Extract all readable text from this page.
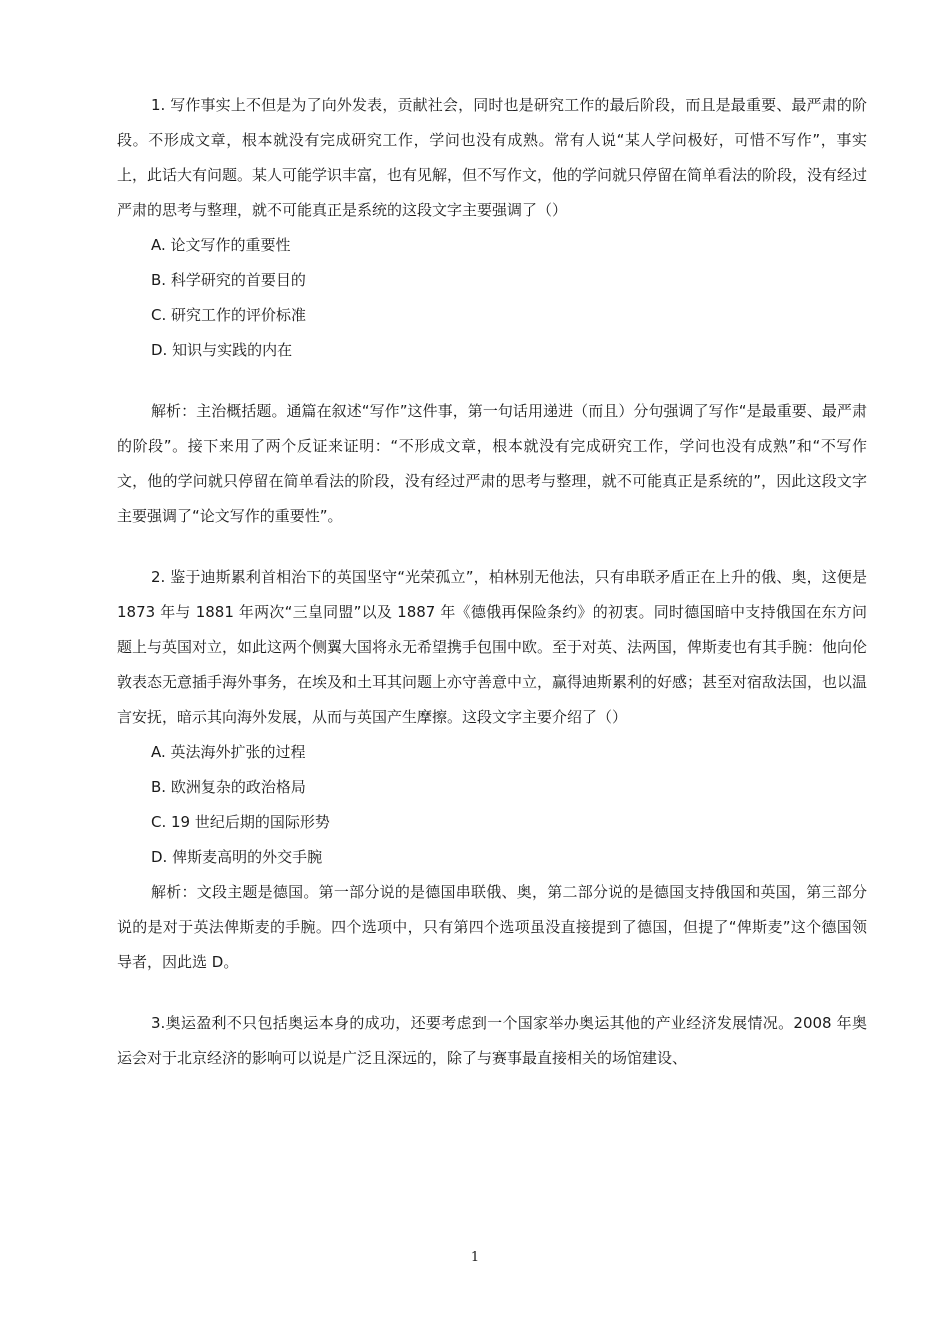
1. 写作事实上不但是为了向外发表，贡献社会，同时也是研究工作的最后阶段，而且是最重要、最严肃的阶段。不形成文章，根本就没有完成研究工作，学问也没有成熟。常有人说“某人学问极好，可惜不写作”，事实上，此话大有问题。某人可能学识丰富，也有见解，但不写作文，他的学问就只停留在简单看法的阶段，没有经过严肃的思考与整理，就不可能真正是系统的这段文字主要强调了（）

A. 论文写作的重要性

B. 科学研究的首要目的

C. 研究工作的评价标准

D. 知识与实践的内在

解析：主治概括题。通篇在叙述“写作”这件事，第一句话用递进（而且）分句强调了写作“是最重要、最严肃的阶段”。接下来用了两个反证来证明：“不形成文章，根本就没有完成研究工作，学问也没有成熟”和“不写作文，他的学问就只停留在简单看法的阶段，没有经过严肃的思考与整理，就不可能真正是系统的”，因此这段文字主要强调了“论文写作的重要性”。

2. 鉴于迪斯累利首相治下的英国坚守“光荣孤立”，柏林别无他法，只有串联矛盾正在上升的俄、奥，这便是 1873 年与 1881 年两次“三皇同盟”以及 1887 年《德俄再保险条约》的初衷。同时德国暗中支持俄国在东方问题上与英国对立，如此这两个侧翼大国将永无希望携手包围中欧。至于对英、法两国，俾斯麦也有其手腕：他向伦敦表态无意插手海外事务，在埃及和土耳其问题上亦守善意中立，赢得迪斯累利的好感；甚至对宿敌法国，也以温言安抚，暗示其向海外发展，从而与英国产生摩擦。这段文字主要介绍了（）

A. 英法海外扩张的过程

B. 欧洲复杂的政治格局

C. 19 世纪后期的国际形势

D. 俾斯麦高明的外交手腕

解析：文段主题是德国。第一部分说的是德国串联俄、奥，第二部分说的是德国支持俄国和英国，第三部分说的是对于英法俾斯麦的手腕。四个选项中，只有第四个选项虽没直接提到了德国，但提了“俾斯麦”这个德国领导者，因此选 D。

3.奥运盈利不只包括奥运本身的成功，还要考虑到一个国家举办奥运其他的产业经济发展情况。2008 年奥运会对于北京经济的影响可以说是广泛且深远的，除了与赛事最直接相关的场馆建设、

1
